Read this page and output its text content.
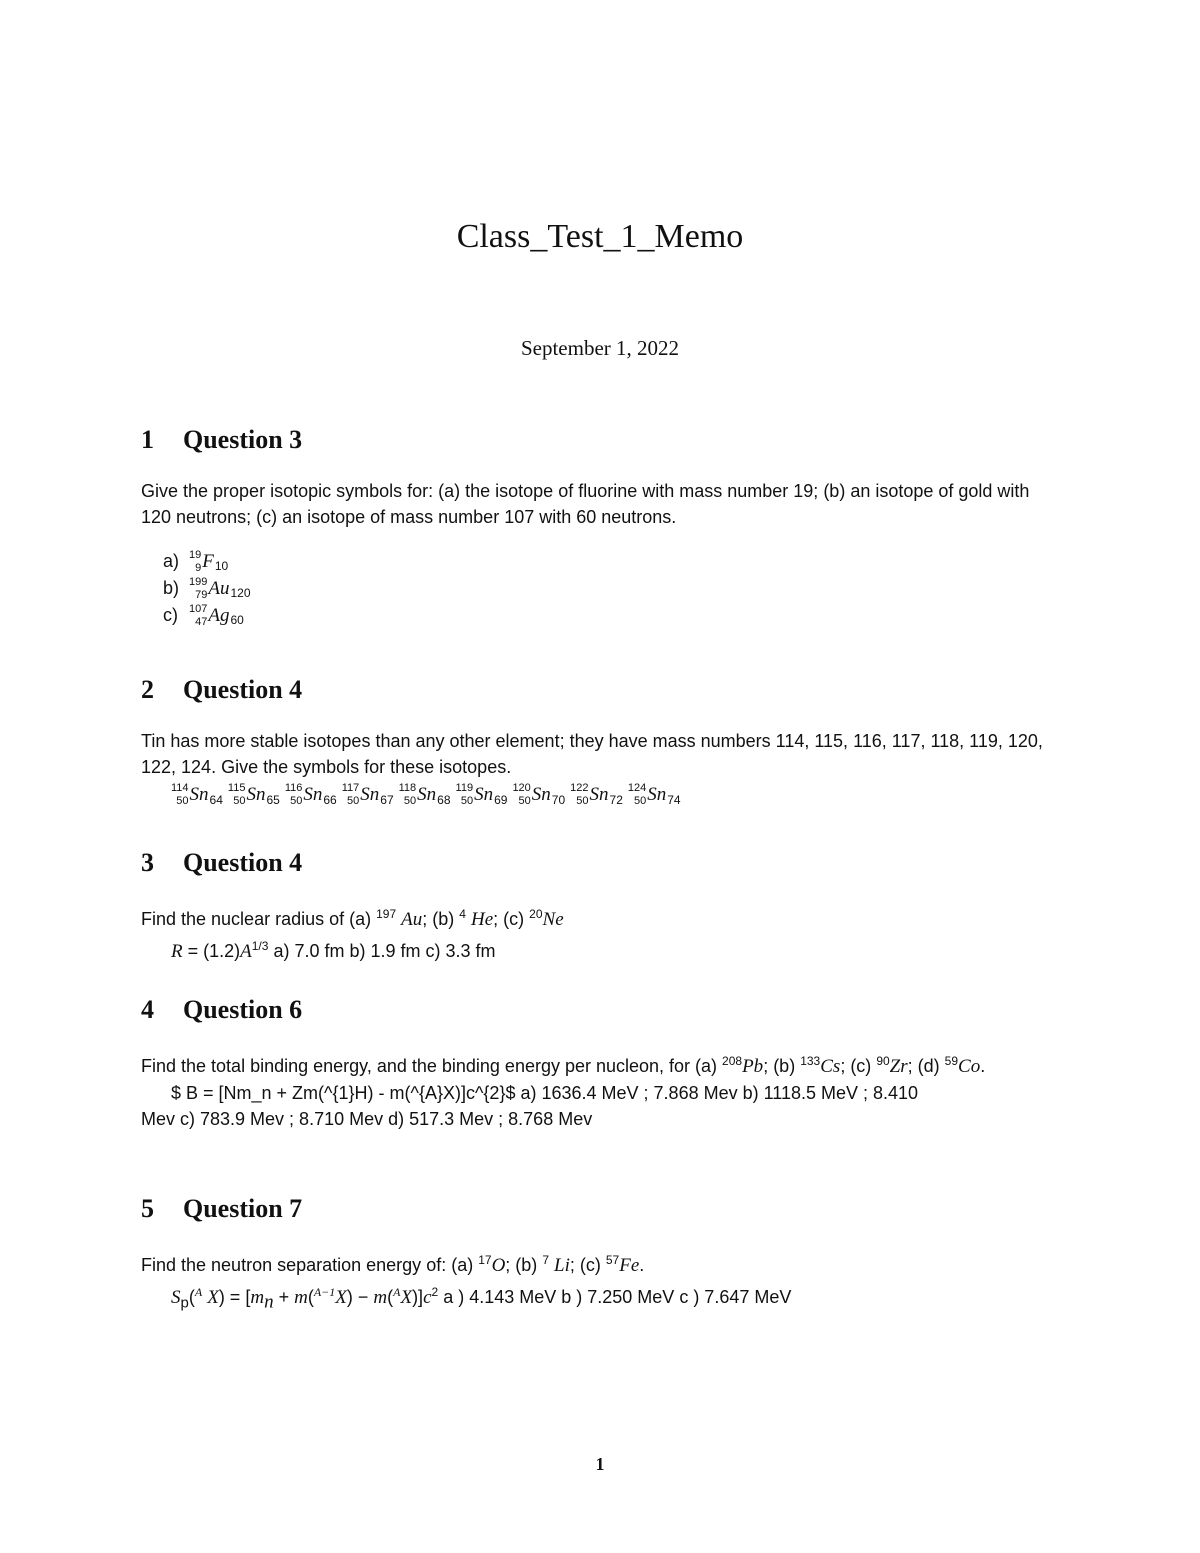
Class_Test_1_Memo
September 1, 2022
1 Question 3
Give the proper isotopic symbols for: (a) the isotope of fluorine with mass number 19; (b) an isotope of gold with 120 neutrons; (c) an isotope of mass number 107 with 60 neutrons.
a) 19
9 F 10
b) 199
79 Au 120
c)	107
47 Ag 60
2 Question 4
Tin has more stable isotopes than any other element; they have mass numbers 114, 115, 116, 117, 118, 119, 120, 122, 124. Give the symbols for these isotopes.
114
50 Sn 64
115
50 Sn 65
116
50 Sn 66
117
50 Sn 67
118
50 Sn 68
119
50 Sn 69
120
50 Sn 70
122
50 Sn 72
124
50 Sn 74
3 Question 4
Find the nuclear radius of (a) $^{197}$ Au; (b) $^4$ He; (c) $^{20}$Ne
$R = (1.2)A^{1/3}$ a) 7.0 fm b) 1.9 fm c) 3.3 fm
4 Question 6
Find the total binding energy, and the binding energy per nucleon, for (a) $^{208}$Pb; (b) $^{133}$Cs; (c) $^{90}$Zr; (d) $^{59}$Co.
$ B = [Nm_n + Zm(^{1}H) - m(^{A}X)]c^{2}$ a) 1636.4 MeV ; 7.868 Mev b) 1118.5 MeV ; 8.410
Mev c) 783.9 Mev ; 8.710 Mev d) 517.3 Mev ; 8.768 Mev
5 Question 7
Find the neutron separation energy of: (a) $^{17}$O; (b) $^7$ Li; (c) $^{57}$Fe.
$S_p(^A$ $X) = [m_n + m(^{A-1}X) - m(^AX)]c^2$ a ) 4.143 MeV b ) 7.250 MeV c ) 7.647 MeV
1
